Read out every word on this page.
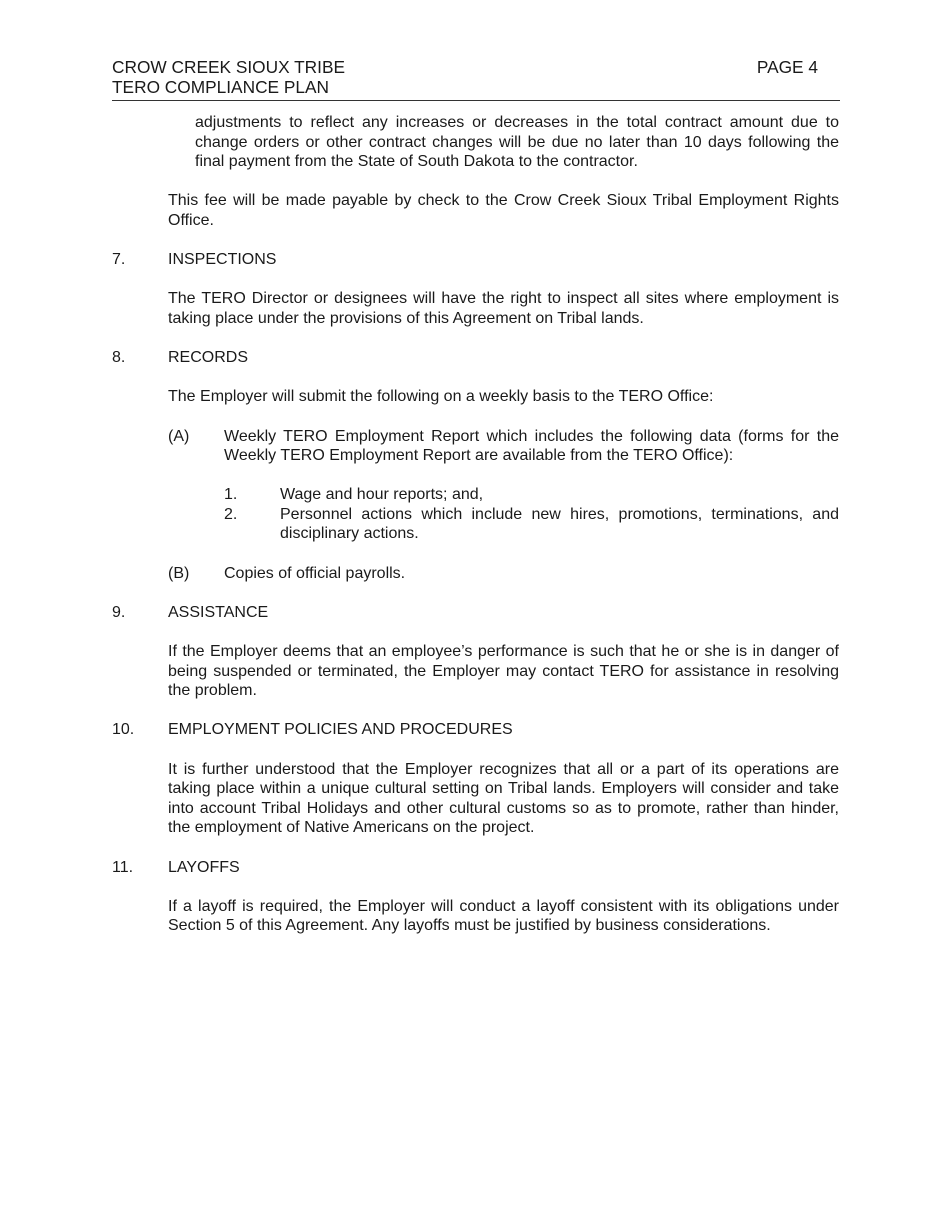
CROW CREEK SIOUX TRIBE

TERO COMPLIANCE PLAN

PAGE 4

adjustments to reflect any increases or decreases in the total contract amount due to change orders or other contract changes will be due no later than 10 days following the final payment from the State of South Dakota to the contractor.

This fee will be made payable by check to the Crow Creek Sioux Tribal Employment Rights Office.

7.	INSPECTIONS

The TERO Director or designees will have the right to inspect all sites where employment is taking place under the provisions of this Agreement on Tribal lands.

8.	RECORDS

The Employer will submit the following on a weekly basis to the TERO Office:

(A)	Weekly TERO Employment Report which includes the following data (forms for the Weekly TERO Employment Report are available from the TERO Office):
1.	Wage and hour reports; and,
2.	Personnel actions which include new hires, promotions, terminations, and disciplinary actions.
(B)	Copies of official payrolls.
9.	ASSISTANCE

If the Employer deems that an employee’s performance is such that he or she is in danger of being suspended or terminated, the Employer may contact TERO for assistance in resolving the problem.

10.	EMPLOYMENT POLICIES AND PROCEDURES

It is further understood that the Employer recognizes that all or a part of its operations are taking place within a unique cultural setting on Tribal lands. Employers will consider and take into account Tribal Holidays and other cultural customs so as to promote, rather than hinder, the employment of Native Americans on the project.

11.	LAYOFFS

If a layoff is required, the Employer will conduct a layoff consistent with its obligations under Section 5 of this Agreement. Any layoffs must be justified by business considerations.
